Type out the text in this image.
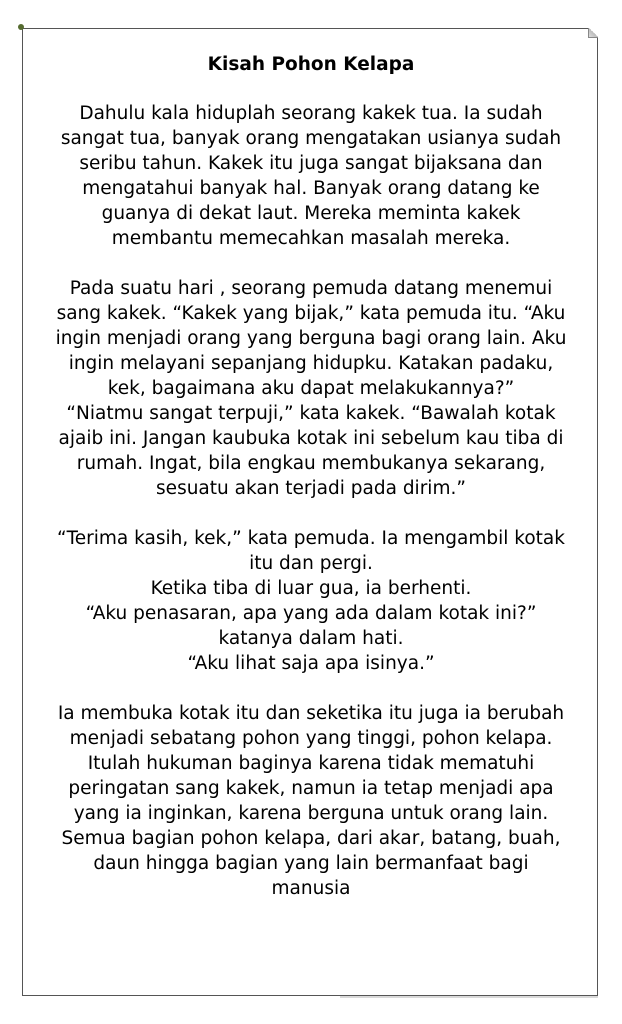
Kisah Pohon Kelapa
Dahulu kala hiduplah seorang kakek tua. Ia sudah
sangat tua, banyak orang mengatakan usianya sudah
seribu tahun. Kakek itu juga sangat bijaksana dan
mengatahui banyak hal. Banyak orang datang ke
guanya di dekat laut. Mereka meminta kakek
membantu memecahkan masalah mereka.
Pada suatu hari , seorang pemuda datang menemui
sang kakek. “Kakek yang bijak,” kata pemuda itu. “Aku
ingin menjadi orang yang berguna bagi orang lain. Aku
ingin melayani sepanjang hidupku. Katakan padaku,
kek, bagaimana aku dapat melakukannya?”
“Niatmu sangat terpuji,” kata kakek. “Bawalah kotak
ajaib ini. Jangan kaubuka kotak ini sebelum kau tiba di
rumah. Ingat, bila engkau membukanya sekarang,
sesuatu akan terjadi pada dirim.”
“Terima kasih, kek,” kata pemuda. Ia mengambil kotak
itu dan pergi.
Ketika tiba di luar gua, ia berhenti.
“Aku penasaran, apa yang ada dalam kotak ini?”
katanya dalam hati.
“Aku lihat saja apa isinya.”
Ia membuka kotak itu dan seketika itu juga ia berubah
menjadi sebatang pohon yang tinggi, pohon kelapa.
Itulah hukuman baginya karena tidak mematuhi
peringatan sang kakek, namun ia tetap menjadi apa
yang ia inginkan, karena berguna untuk orang lain.
Semua bagian pohon kelapa, dari akar, batang, buah,
daun hingga bagian yang lain bermanfaat bagi
manusia
